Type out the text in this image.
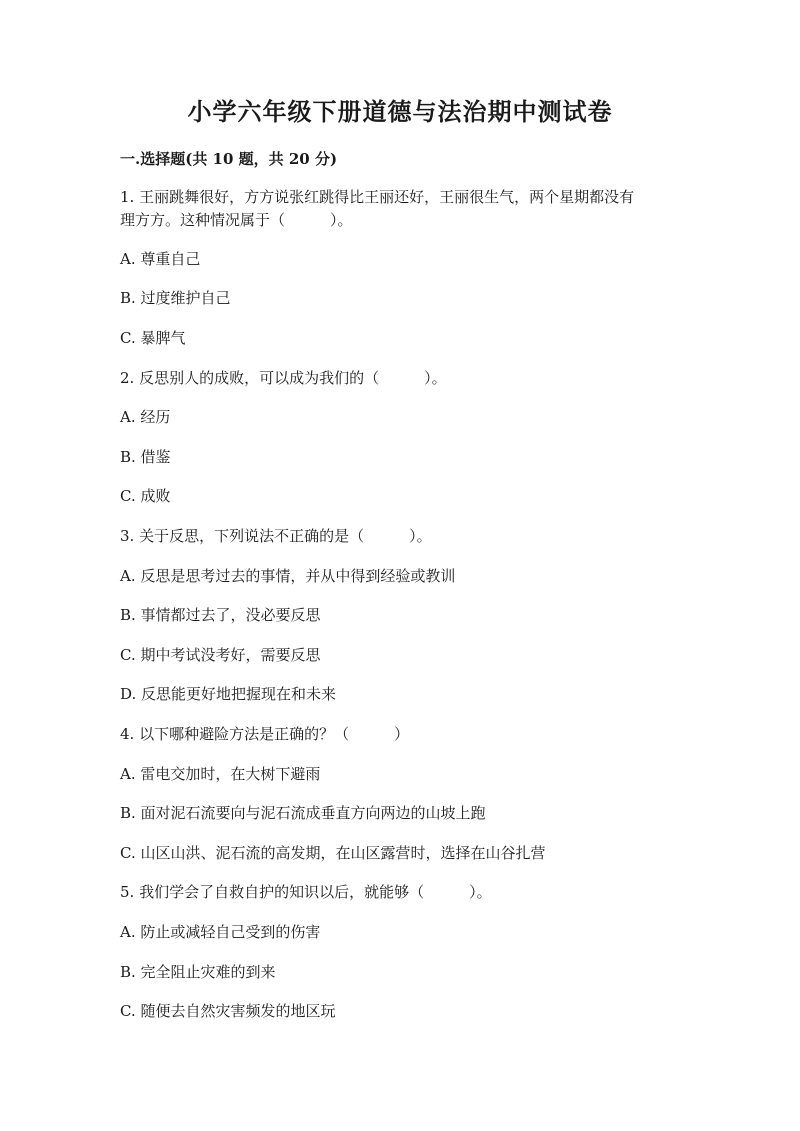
小学六年级下册道德与法治期中测试卷
一.选择题(共 10 题，共 20 分)
1. 王丽跳舞很好，方方说张红跳得比王丽还好，王丽很生气，两个星期都没有
理方方。这种情况属于（　　　）。
A. 尊重自己
B. 过度维护自己
C. 暴脾气
2. 反思别人的成败，可以成为我们的（　　　）。
A. 经历
B. 借鉴
C. 成败
3. 关于反思，下列说法不正确的是（　　　）。
A. 反思是思考过去的事情，并从中得到经验或教训
B. 事情都过去了，没必要反思
C. 期中考试没考好，需要反思
D. 反思能更好地把握现在和未来
4. 以下哪种避险方法是正确的？（　　　）
A. 雷电交加时，在大树下避雨
B. 面对泥石流要向与泥石流成垂直方向两边的山坡上跑
C. 山区山洪、泥石流的高发期，在山区露营时，选择在山谷扎营
5. 我们学会了自救自护的知识以后，就能够（　　　）。
A. 防止或减轻自己受到的伤害
B. 完全阻止灾难的到来
C. 随便去自然灾害频发的地区玩
